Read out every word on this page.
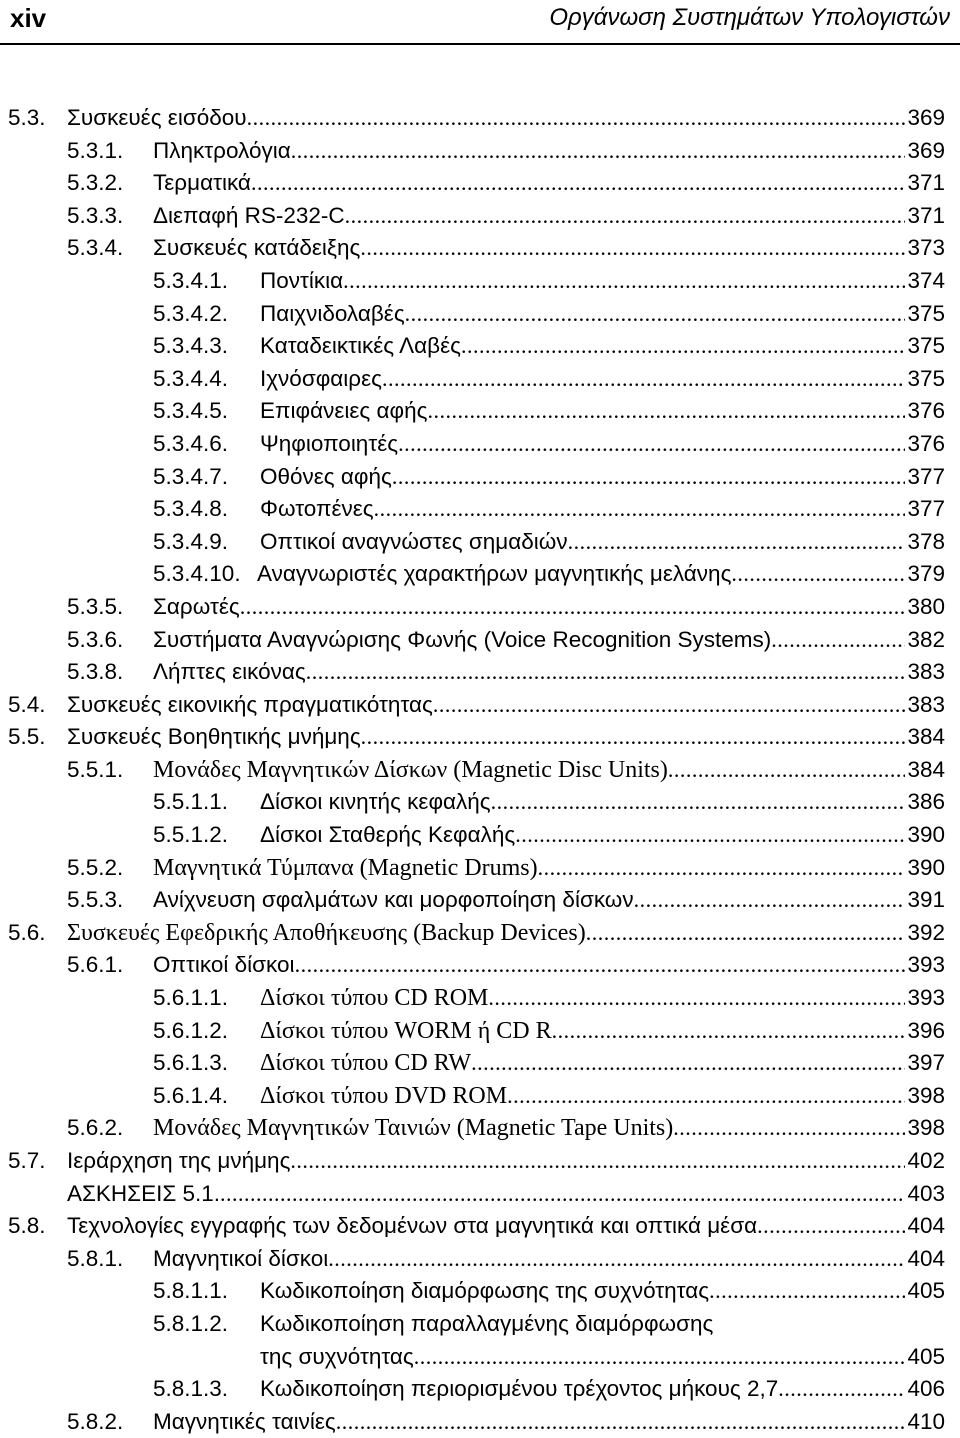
xiv	Οργάνωση Συστημάτων Υπολογιστών
5.3. Συσκευές εισόδου .....	369
5.3.1. Πληκτρολόγια .....	369
5.3.2. Τερματικά .....	371
5.3.3. Διεπαφή RS-232-C .....	371
5.3.4. Συσκευές κατάδειξης .....	373
5.3.4.1. Ποντίκια .....	374
5.3.4.2. Παιχνιδολαβές .....	375
5.3.4.3. Καταδεικτικές Λαβές .....	375
5.3.4.4. Ιχνόσφαιρες .....	375
5.3.4.5. Επιφάνειες αφής .....	376
5.3.4.6. Ψηφιοποιητές .....	376
5.3.4.7. Οθόνες αφής .....	377
5.3.4.8. Φωτοπένες .....	377
5.3.4.9. Οπτικοί αναγνώστες σημαδιών .....	378
5.3.4.10. Αναγνωριστές χαρακτήρων μαγνητικής μελάνης .....	379
5.3.5. Σαρωτές .....	380
5.3.6. Συστήματα Αναγνώρισης Φωνής (Voice Recognition Systems) .....	382
5.3.8. Λήπτες εικόνας .....	383
5.4. Συσκευές εικονικής πραγματικότητας .....	383
5.5. Συσκευές Βοηθητικής μνήμης .....	384
5.5.1. Μονάδες Μαγνητικών Δίσκων (Magnetic Disc Units) .....	384
5.5.1.1. Δίσκοι κινητής κεφαλής .....	386
5.5.1.2. Δίσκοι Σταθερής Κεφαλής .....	390
5.5.2. Μαγνητικά Τύμπανα (Magnetic Drums) .....	390
5.5.3. Ανίχνευση σφαλμάτων και μορφοποίηση δίσκων .....	391
5.6. Συσκευές Εφεδρικής Αποθήκευσης (Backup Devices) .....	392
5.6.1. Οπτικοί δίσκοι .....	393
5.6.1.1. Δίσκοι τύπου CD ROM .....	393
5.6.1.2. Δίσκοι τύπου WORM ή CD R .....	396
5.6.1.3. Δίσκοι τύπου CD RW .....	397
5.6.1.4. Δίσκοι τύπου DVD ROM .....	398
5.6.2. Μονάδες Μαγνητικών Ταινιών (Magnetic Tape Units) .....	398
5.7. Ιεράρχηση της μνήμης .....	402
ΑΣΚΗΣΕΙΣ 5.1. .....	403
5.8. Τεχνολογίες εγγραφής των δεδομένων στα μαγνητικά και οπτικά μέσα .....	404
5.8.1. Μαγνητικοί δίσκοι .....	404
5.8.1.1. Κωδικοποίηση διαμόρφωσης της συχνότητας .....	405
5.8.1.2. Κωδικοποίηση παραλλαγμένης διαμόρφωσης
της συχνότητας .....	405
5.8.1.3. Κωδικοποίηση περιορισμένου τρέχοντος μήκους 2,7 .....	406
5.8.2. Μαγνητικές ταινίες .....	410
